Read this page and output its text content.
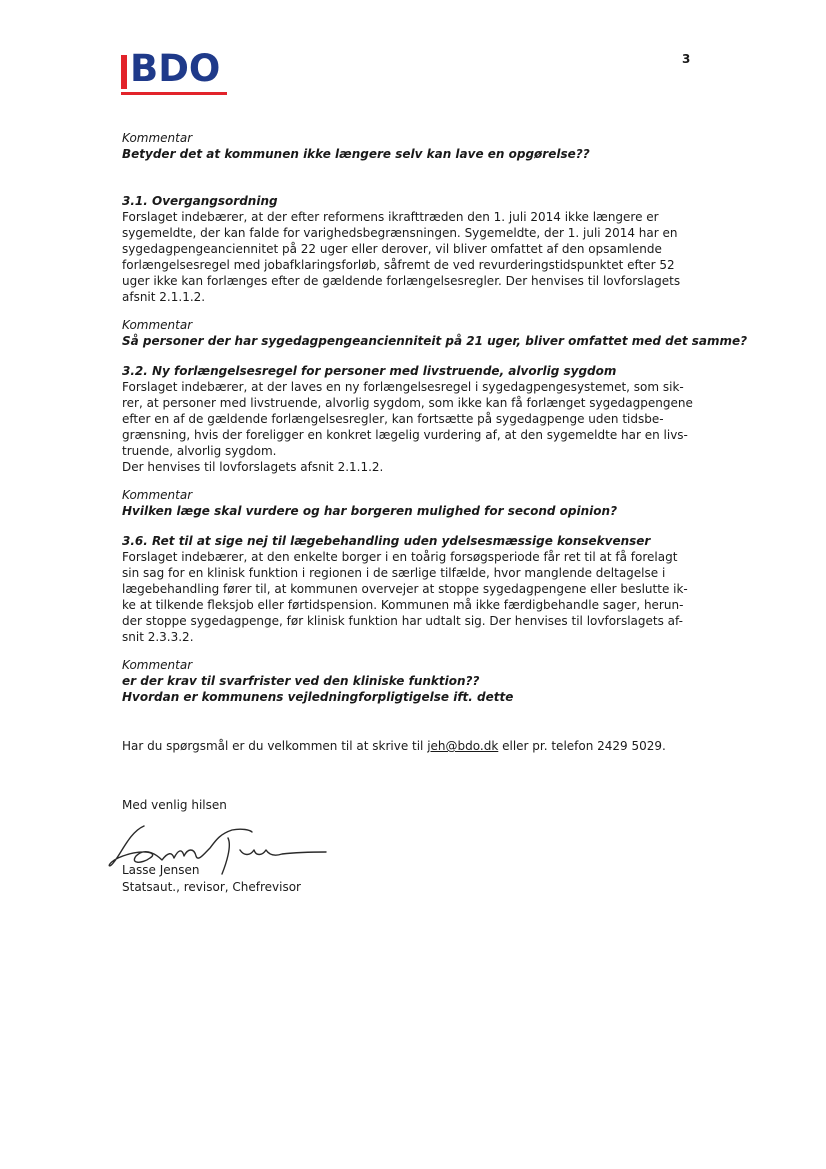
BDO	3
Kommentar
Betyder det at kommunen ikke længere selv kan lave en opgørelse??
3.1. Overgangsordning
Forslaget indebærer, at der efter reformens ikrafttræden den 1. juli 2014 ikke længere er
sygemeldte, der kan falde for varighedsbegrænsningen. Sygemeldte, der 1. juli 2014 har en
sygedagpengeanciennitet på 22 uger eller derover, vil bliver omfattet af den opsamlende
forlængelsesregel med jobafklaringsforløb, såfremt de ved revurderingstidspunktet efter 52
uger ikke kan forlænges efter de gældende forlængelsesregler. Der henvises til lovforslagets
afsnit 2.1.1.2.
Kommentar
Så personer der har sygedagpengeancienniteit på 21 uger, bliver omfattet med det samme?
3.2. Ny forlængelsesregel for personer med livstruende, alvorlig sygdom
Forslaget indebærer, at der laves en ny forlængelsesregel i sygedagpengesystemet, som sik-
rer, at personer med livstruende, alvorlig sygdom, som ikke kan få forlænget sygedagpengene
efter en af de gældende forlængelsesregler, kan fortsætte på sygedagpenge uden tidsbe-
grænsning, hvis der foreligger en konkret lægelig vurdering af, at den sygemeldte har en livs-
truende, alvorlig sygdom.
Der henvises til lovforslagets afsnit 2.1.1.2.
Kommentar
Hvilken læge skal vurdere og har borgeren mulighed for second opinion?
3.6. Ret til at sige nej til lægebehandling uden ydelsesmæssige konsekvenser
Forslaget indebærer, at den enkelte borger i en toårig forsøgsperiode får ret til at få forelagt
sin sag for en klinisk funktion i regionen i de særlige tilfælde, hvor manglende deltagelse i
lægebehandling fører til, at kommunen overvejer at stoppe sygedagpengene eller beslutte ik-
ke at tilkende fleksjob eller førtidspension. Kommunen må ikke færdigbehandle sager, herun-
der stoppe sygedagpenge, før klinisk funktion har udtalt sig. Der henvises til lovforslagets af-
snit 2.3.3.2.
Kommentar
er der krav til svarfrister ved den kliniske funktion??
Hvordan er kommunens vejledningforpligtigelse ift. dette
Har du spørgsmål er du velkommen til at skrive til jeh@bdo.dk eller pr. telefon 2429 5029.
Med venlig hilsen
Lasse Jensen
Statsaut., revisor, Chefrevisor
